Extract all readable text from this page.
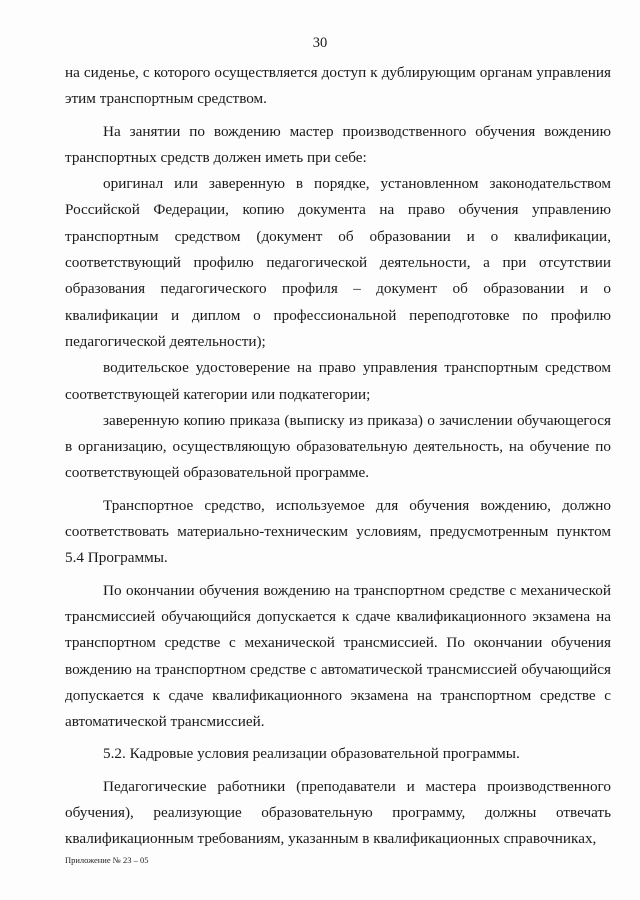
30

на сиденье, с которого осуществляется доступ к дублирующим органам управления этим транспортным средством.

На занятии по вождению мастер производственного обучения вождению транспортных средств должен иметь при себе:

оригинал или заверенную в порядке, установленном законодательством Российской Федерации, копию документа на право обучения управлению транспортным средством (документ об образовании и о квалификации, соответствующий профилю педагогической деятельности, а при отсутствии образования педагогического профиля – документ об образовании и о квалификации и диплом о профессиональной переподготовке по профилю педагогической деятельности);

водительское удостоверение на право управления транспортным средством соответствующей категории или подкатегории;

заверенную копию приказа (выписку из приказа) о зачислении обучающегося в организацию, осуществляющую образовательную деятельность, на обучение по соответствующей образовательной программе.

Транспортное средство, используемое для обучения вождению, должно соответствовать материально-техническим условиям, предусмотренным пунктом 5.4 Программы.

По окончании обучения вождению на транспортном средстве с механической трансмиссией обучающийся допускается к сдаче квалификационного экзамена на транспортном средстве с механической трансмиссией. По окончании обучения вождению на транспортном средстве с автоматической трансмиссией обучающийся допускается к сдаче квалификационного экзамена на транспортном средстве с автоматической трансмиссией.

5.2. Кадровые условия реализации образовательной программы.

Педагогические работники (преподаватели и мастера производственного обучения), реализующие образовательную программу, должны отвечать квалификационным требованиям, указанным в квалификационных справочниках,

Приложение № 23 – 05
